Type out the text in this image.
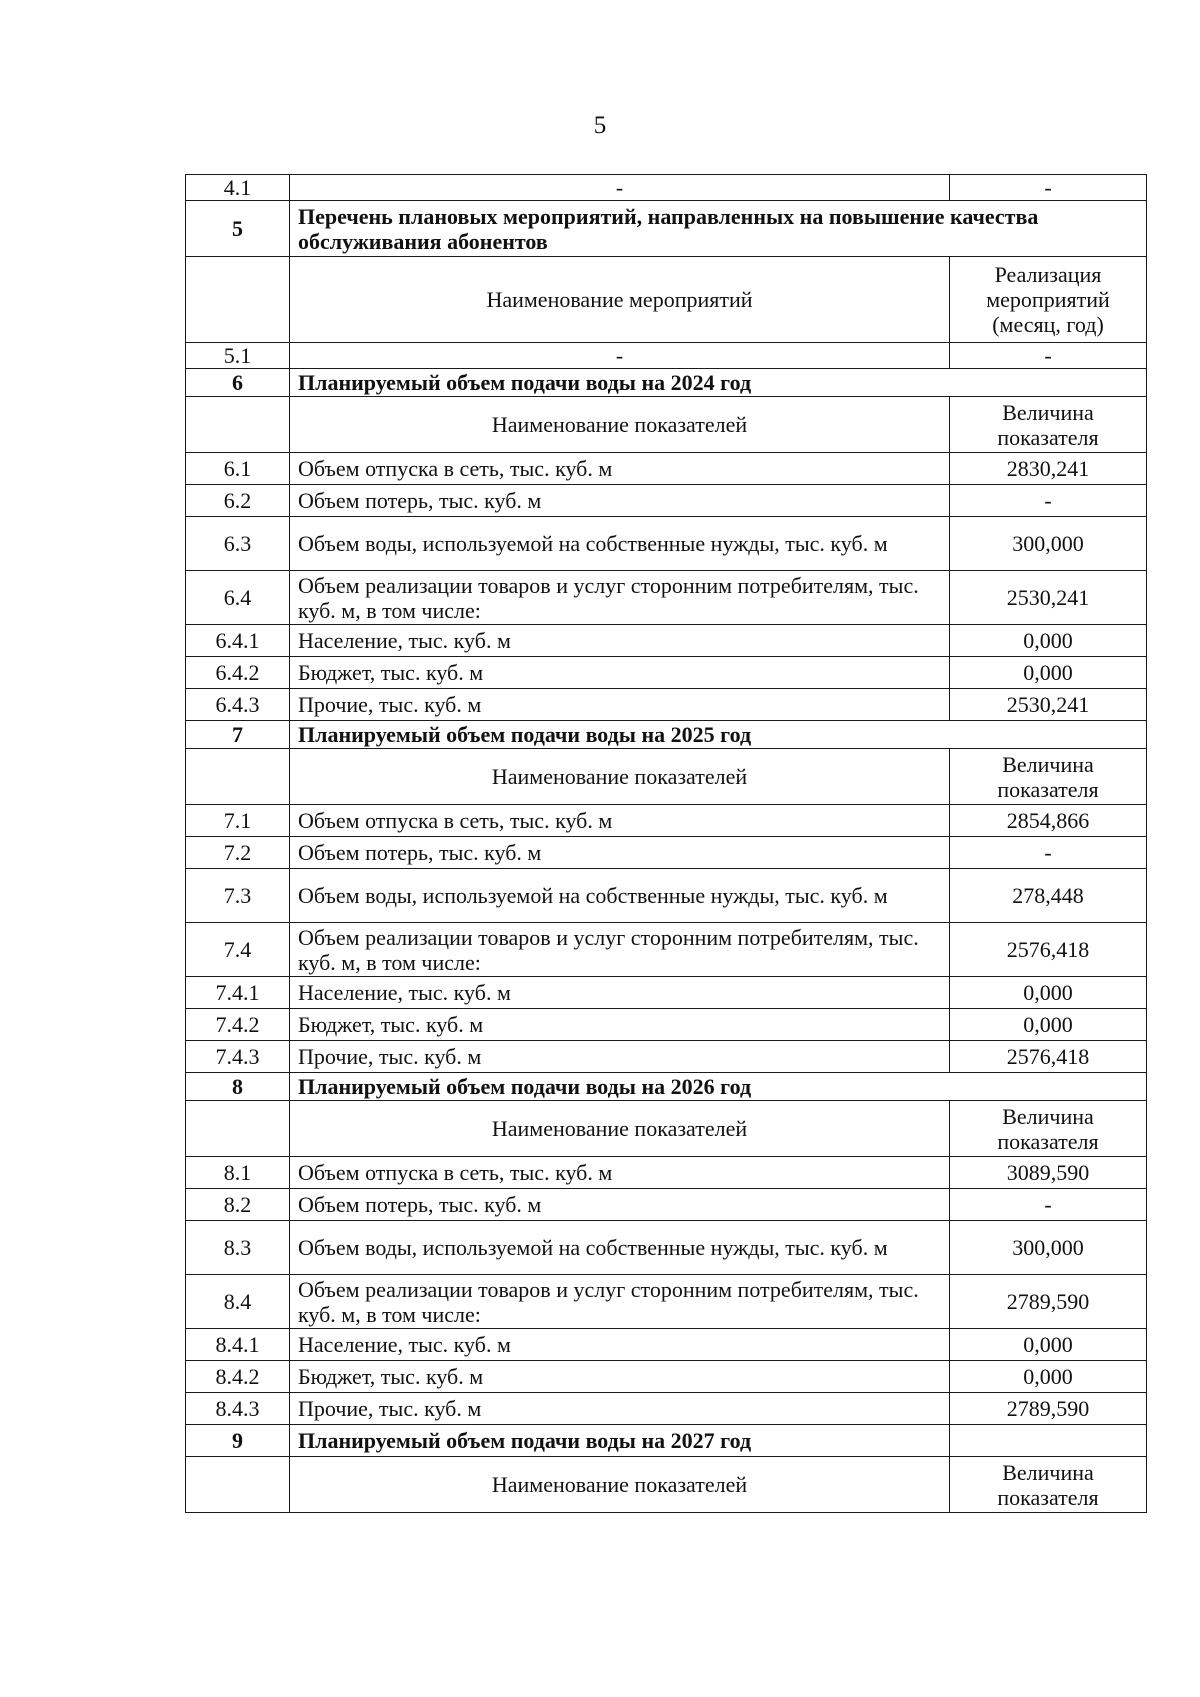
5
4.1	-	-
5	Перечень плановых мероприятий, направленных на повышение качества обслуживания абонентов	
	Наименование мероприятий	Реализация мероприятий (месяц, год)
5.1	-	-
6	Планируемый объем подачи воды на 2024 год	
	Наименование показателей	Величина показателя
6.1	Объем отпуска в сеть, тыс. куб. м	2830,241
6.2	Объем потерь, тыс. куб. м	-
6.3	Объем воды, используемой на собственные нужды, тыс. куб. м	300,000
6.4	Объем реализации товаров и услуг сторонним потребителям, тыс. куб. м, в том числе:	2530,241
6.4.1	Население, тыс. куб. м	0,000
6.4.2	Бюджет, тыс. куб. м	0,000
6.4.3	Прочие, тыс. куб. м	2530,241
7	Планируемый объем подачи воды на 2025 год	
	Наименование показателей	Величина показателя
7.1	Объем отпуска в сеть, тыс. куб. м	2854,866
7.2	Объем потерь, тыс. куб. м	-
7.3	Объем воды, используемой на собственные нужды, тыс. куб. м	278,448
7.4	Объем реализации товаров и услуг сторонним потребителям, тыс. куб. м, в том числе:	2576,418
7.4.1	Население, тыс. куб. м	0,000
7.4.2	Бюджет, тыс. куб. м	0,000
7.4.3	Прочие, тыс. куб. м	2576,418
8	Планируемый объем подачи воды на 2026 год	
	Наименование показателей	Величина показателя
8.1	Объем отпуска в сеть, тыс. куб. м	3089,590
8.2	Объем потерь, тыс. куб. м	-
8.3	Объем воды, используемой на собственные нужды, тыс. куб. м	300,000
8.4	Объем реализации товаров и услуг сторонним потребителям, тыс. куб. м, в том числе:	2789,590
8.4.1	Население, тыс. куб. м	0,000
8.4.2	Бюджет, тыс. куб. м	0,000
8.4.3	Прочие, тыс. куб. м	2789,590
9	Планируемый объем подачи воды на 2027 год	
	Наименование показателей	Величина показателя
